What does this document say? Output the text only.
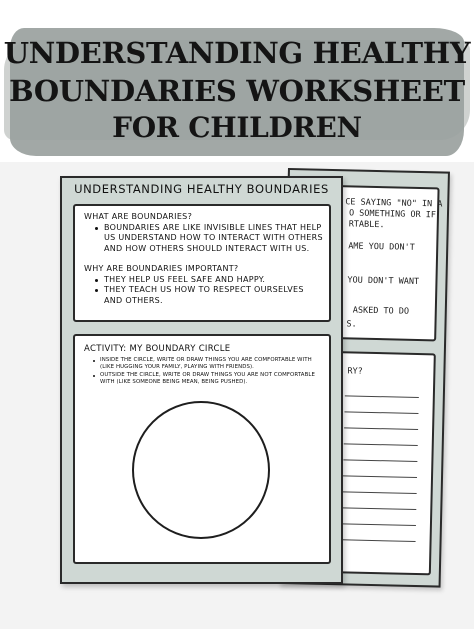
UNDERSTANDING HEALTHY
BOUNDARIES WORKSHEET
FOR CHILDREN
CE SAYING "NO" IN A
O SOMETHING OR IF
RTABLE.
AME YOU DON'T
YOU DON'T WANT
ASKED TO DO
S.
RY?
UNDERSTANDING HEALTHY BOUNDARIES
WHAT ARE BOUNDARIES?
BOUNDARIES ARE LIKE INVISIBLE LINES THAT HELP US UNDERSTAND HOW TO INTERACT WITH OTHERS AND HOW OTHERS SHOULD INTERACT WITH US.
WHY ARE BOUNDARIES IMPORTANT?
THEY HELP US FEEL SAFE AND HAPPY.
THEY TEACH US HOW TO RESPECT OURSELVES AND OTHERS.
ACTIVITY: MY BOUNDARY CIRCLE
INSIDE THE CIRCLE, WRITE OR DRAW THINGS YOU ARE COMFORTABLE WITH (LIKE HUGGING YOUR FAMILY, PLAYING WITH FRIENDS).
OUTSIDE THE CIRCLE, WRITE OR DRAW THINGS YOU ARE NOT COMFORTABLE WITH (LIKE SOMEONE BEING MEAN, BEING PUSHED).
